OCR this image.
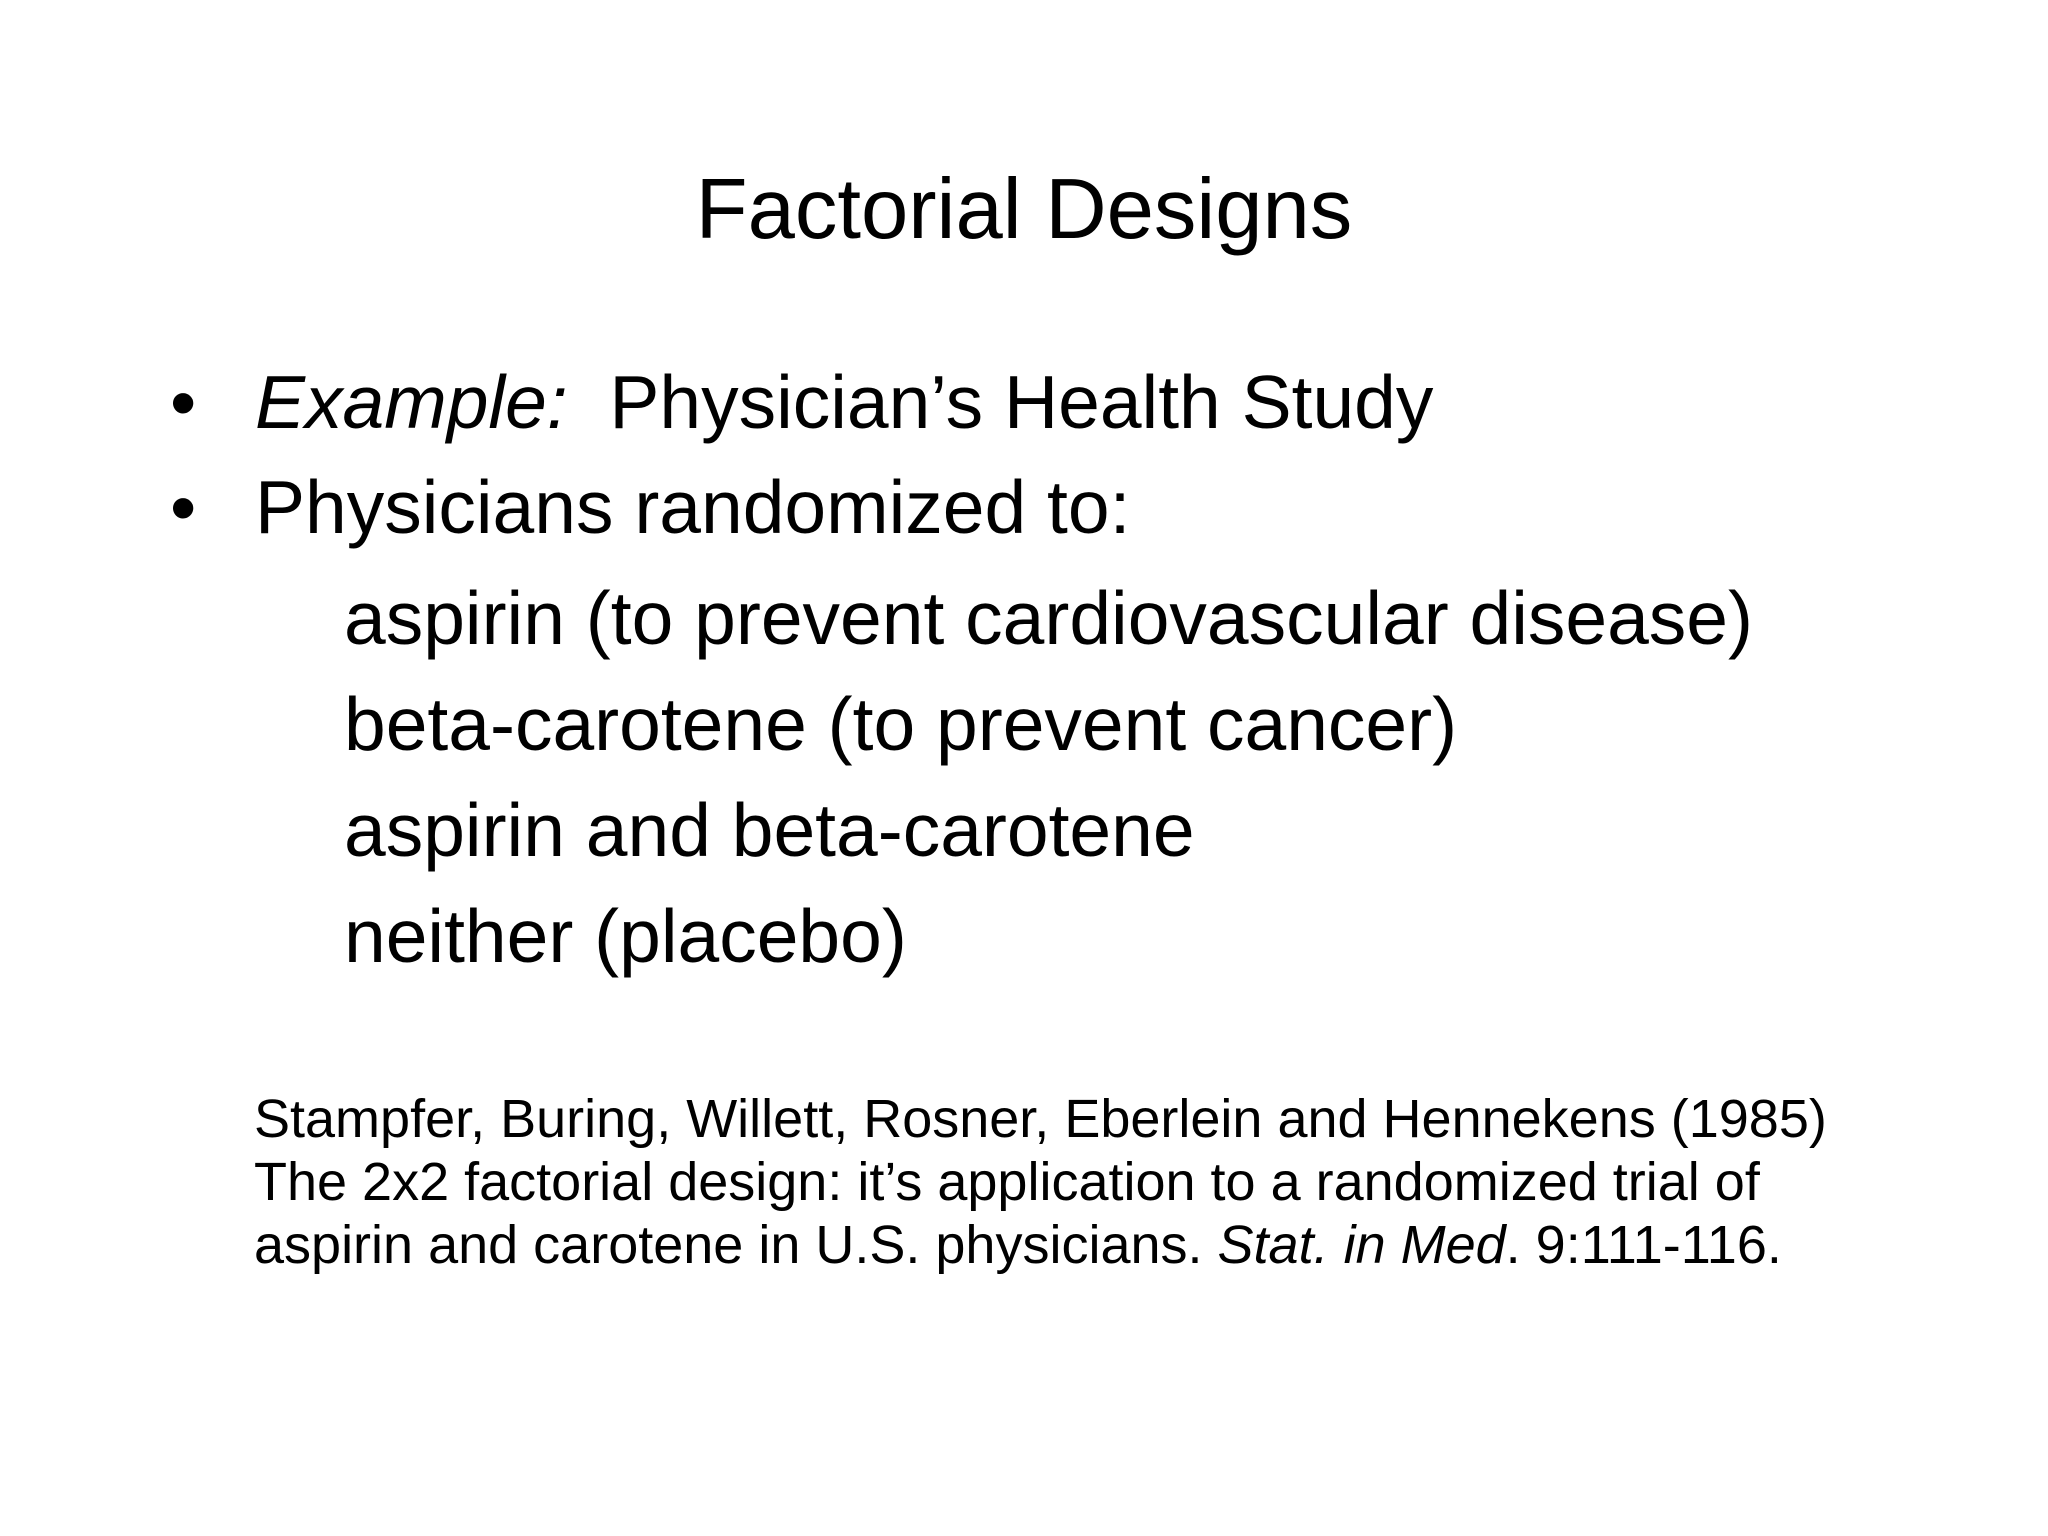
Factorial Designs
• Example: Physician’s Health Study
• Physicians randomized to:
aspirin (to prevent cardiovascular disease)
beta-carotene (to prevent cancer)
aspirin and beta-carotene
neither (placebo)
Stampfer, Buring, Willett, Rosner, Eberlein and Hennekens (1985) The 2x2 factorial design: it’s application to a randomized trial of aspirin and carotene in U.S. physicians. Stat. in Med. 9:111-116.
